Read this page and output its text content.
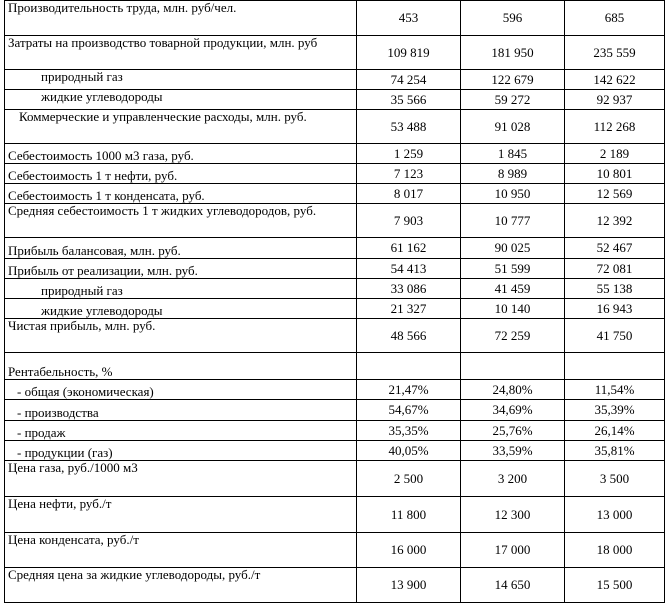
Производительность труда, млн. руб/чел.	453	596	685
Затраты на производство товарной продукции, млн. руб	109 819	181 950	235 559
природный газ	74 254	122 679	142 622
жидкие углеводороды	35 566	59 272	92 937
Коммерческие и управленческие расходы, млн. руб.	53 488	91 028	112 268
Себестоимость 1000 м3 газа, руб.	1 259	1 845	2 189
Себестоимость 1 т нефти, руб.	7 123	8 989	10 801
Себестоимость 1 т конденсата, руб.	8 017	10 950	12 569
Средняя себестоимость 1 т жидких углеводородов, руб.	7 903	10 777	12 392
Прибыль балансовая, млн. руб.	61 162	90 025	52 467
Прибыль от реализации, млн. руб.	54 413	51 599	72 081
природный газ	33 086	41 459	55 138
жидкие углеводороды	21 327	10 140	16 943
Чистая прибыль, млн. руб.	48 566	72 259	41 750
Рентабельность, %			
- общая (экономическая)	21,47%	24,80%	11,54%
- производства	54,67%	34,69%	35,39%
- продаж	35,35%	25,76%	26,14%
- продукции (газ)	40,05%	33,59%	35,81%
Цена газа, руб./1000 м3	2 500	3 200	3 500
Цена нефти, руб./т	11 800	12 300	13 000
Цена конденсата, руб./т	16 000	17 000	18 000
Средняя цена за жидкие углеводороды, руб./т	13 900	14 650	15 500
